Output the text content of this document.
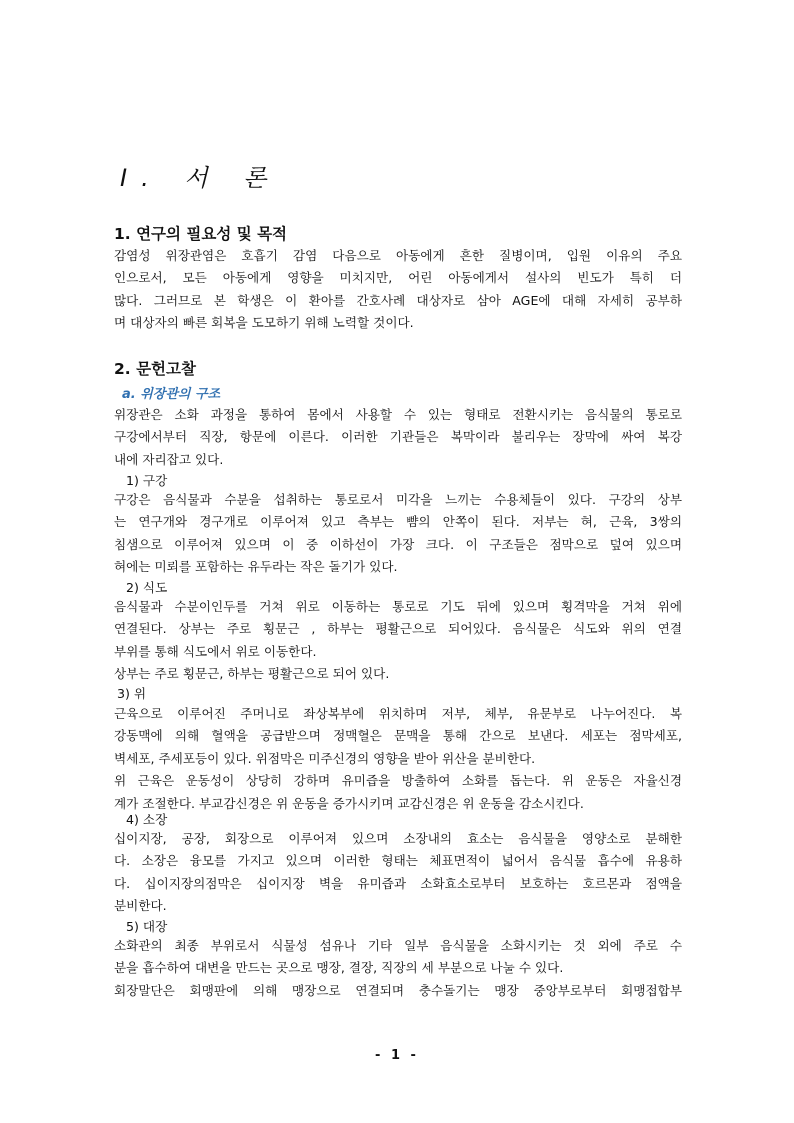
I. 서 론
1. 연구의 필요성 및 목적
감염성 위장관염은 호흡기 감염 다음으로 아동에게 흔한 질병이며, 입원 이유의 주요
인으로서, 모든 아동에게 영향을 미치지만, 어린 아동에게서 설사의 빈도가 특히 더
많다. 그러므로 본 학생은 이 환아를 간호사례 대상자로 삼아 AGE에 대해 자세히 공부하
며 대상자의 빠른 회복을 도모하기 위해 노력할 것이다.
2. 문헌고찰
a. 위장관의 구조
위장관은 소화 과정을 통하여 몸에서 사용할 수 있는 형태로 전환시키는 음식물의 통로로
구강에서부터 직장, 항문에 이른다. 이러한 기관들은 복막이라 불리우는 장막에 싸여 복강
내에 자리잡고 있다.

1) 구강

구강은 음식물과 수분을 섭취하는 통로로서 미각을 느끼는 수용체들이 있다. 구강의 상부
는 연구개와 경구개로 이루어져 있고 측부는 뺨의 안쪽이 된다. 저부는 혀, 근육, 3쌍의
침샘으로 이루어져 있으며 이 중 이하선이 가장 크다. 이 구조들은 점막으로 덮여 있으며
혀에는 미뢰를 포함하는 유두라는 작은 돌기가 있다.

2) 식도

음식물과 수분이인두를 거쳐 위로 이동하는 통로로 기도 뒤에 있으며 횡격막을 거쳐 위에
연결된다. 상부는 주로 횡문근 , 하부는 평활근으로 되어있다. 음식물은 식도와 위의 연결
부위를 통해 식도에서 위로 이동한다.
상부는 주로 횡문근, 하부는 평활근으로 되어 있다.

3) 위

근육으로 이루어진 주머니로 좌상복부에 위치하며 저부, 체부, 유문부로 나누어진다. 복
강동맥에 의해 혈액을 공급받으며 정맥혈은 문맥을 통해 간으로 보낸다. 세포는 점막세포,
벽세포, 주세포등이 있다. 위점막은 미주신경의 영향을 받아 위산을 분비한다.
위 근육은 운동성이 상당히 강하며 유미즙을 방출하여 소화를 돕는다. 위 운동은 자율신경
계가 조절한다. 부교감신경은 위 운동을 증가시키며 교감신경은 위 운동을 감소시킨다.

4) 소장

십이지장, 공장, 회장으로 이루어져 있으며 소장내의 효소는 음식물을 영양소로 분해한
다. 소장은 융모를 가지고 있으며 이러한 형태는 체표면적이 넓어서 음식물 흡수에 유용하
다. 십이지장의점막은 십이지장 벽을 유미즙과 소화효소로부터 보호하는 호르몬과 점액을
분비한다.

5) 대장

소화관의 최종 부위로서 식물성 섬유나 기타 일부 음식물을 소화시키는 것 외에 주로 수
분을 흡수하여 대변을 만드는 곳으로 맹장, 결장, 직장의 세 부분으로 나눌 수 있다.
회장말단은 회맹판에 의해 맹장으로 연결되며 충수돌기는 맹장 중앙부로부터 회맹접합부

- 1 -
